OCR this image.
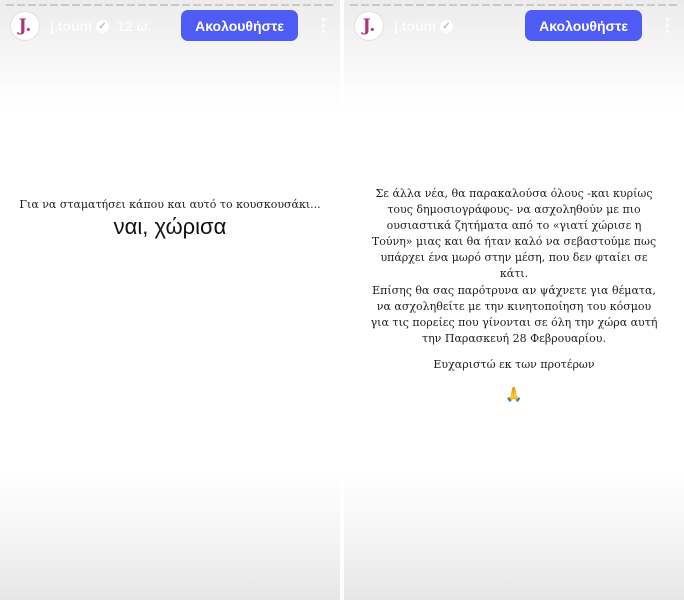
J. j.touni ✓ 12 ώ.	Ακολουθήστε
Για να σταματήσει κάπου και αυτό το κουσκουσάκι...
ναι, χώρισα
J. j.touni ✓	Ακολουθήστε
Σε άλλα νέα, θα παρακαλούσα όλους -και κυρίως τους δημοσιογράφους- να ασχοληθούν με πιο ουσιαστικά ζητήματα από το «γιατί χώρισε η Τούνη» μιας και θα ήταν καλό να σεβαστούμε πως υπάρχει ένα μωρό στην μέση, που δεν φταίει σε κάτι.
Επίσης θα σας παρότρυνα αν ψάχνετε για θέματα, να ασχοληθείτε με την κινητοποίηση του κόσμου για τις πορείες που γίνονται σε όλη την χώρα αυτή την Παρασκευή 28 Φεβρουαρίου.
Ευχαριστώ εκ των προτέρων
🙏
